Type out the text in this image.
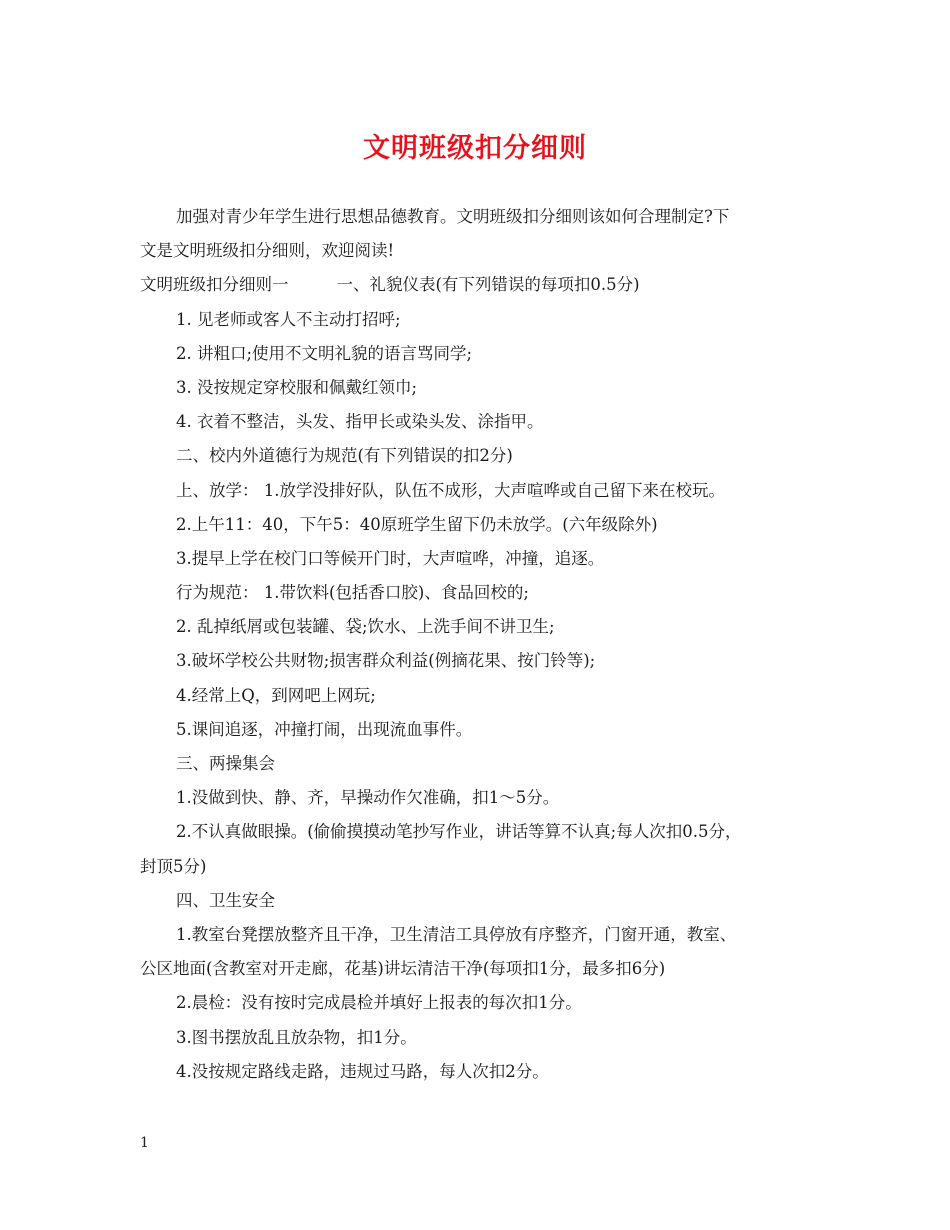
文明班级扣分细则
加强对青少年学生进行思想品德教育。文明班级扣分细则该如何合理制定?下
文是文明班级扣分细则，欢迎阅读!
文明班级扣分细则一	一、礼貌仪表(有下列错误的每项扣0.5分)
1. 见老师或客人不主动打招呼;
2. 讲粗口;使用不文明礼貌的语言骂同学;
3. 没按规定穿校服和佩戴红领巾;
4. 衣着不整洁，头发、指甲长或染头发、涂指甲。
二、校内外道德行为规范(有下列错误的扣2分)
上、放学： 1.放学没排好队，队伍不成形，大声喧哗或自己留下来在校玩。
2.上午11：40，下午5：40原班学生留下仍未放学。(六年级除外)
3.提早上学在校门口等候开门时，大声喧哗，冲撞，追逐。
行为规范： 1.带饮料(包括香口胶)、食品回校的;
2. 乱掉纸屑或包装罐、袋;饮水、上洗手间不讲卫生;
3.破坏学校公共财物;损害群众利益(例摘花果、按门铃等);
4.经常上Q，到网吧上网玩;
5.课间追逐，冲撞打闹，出现流血事件。
三、两操集会
1.没做到快、静、齐，早操动作欠准确，扣1～5分。
2.不认真做眼操。(偷偷摸摸动笔抄写作业，讲话等算不认真;每人次扣0.5分，
封顶5分)
四、卫生安全
1.教室台凳摆放整齐且干净，卫生清洁工具停放有序整齐，门窗开通，教室、
公区地面(含教室对开走廊，花基)讲坛清洁干净(每项扣1分，最多扣6分)
2.晨检：没有按时完成晨检并填好上报表的每次扣1分。
3.图书摆放乱且放杂物，扣1分。
4.没按规定路线走路，违规过马路，每人次扣2分。
1
